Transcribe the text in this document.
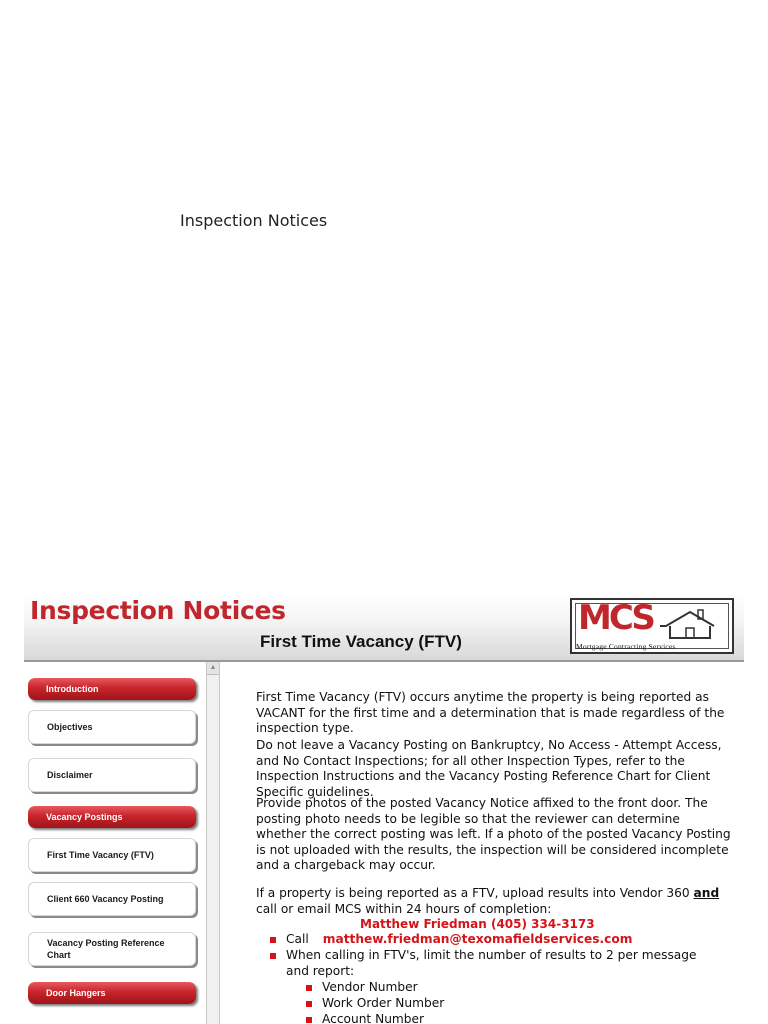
Inspection Notices
Inspection Notices
First Time Vacancy (FTV)
MCS
Mortgage Contracting Services
Introduction
Objectives
Disclaimer
Vacancy Postings
First Time Vacancy (FTV)
Client 660 Vacancy Posting
Vacancy Posting Reference Chart
Door Hangers
▲

First Time Vacancy (FTV) occurs anytime the property is being reported as VACANT for the first time and a determination that is made regardless of the inspection type.

Do not leave a Vacancy Posting on Bankruptcy, No Access - Attempt Access, and No Contact Inspections; for all other Inspection Types, refer to the Inspection Instructions and the Vacancy Posting Reference Chart for Client Specific guidelines.

Provide photos of the posted Vacancy Notice affixed to the front door. The posting photo needs to be legible so that the reviewer can determine whether the correct posting was left. If a photo of the posted Vacancy Posting is not uploaded with the results, the inspection will be considered incomplete and a chargeback may occur.

If a property is being reported as a FTV, upload results into Vendor 360 and call or email MCS within 24 hours of completion:

Matthew Friedman (405) 334-3173
Call matthew.friedman@texomafieldservices.com
When calling in FTV's, limit the number of results to 2 per message and report:
Vendor Number
Work Order Number
Account Number
